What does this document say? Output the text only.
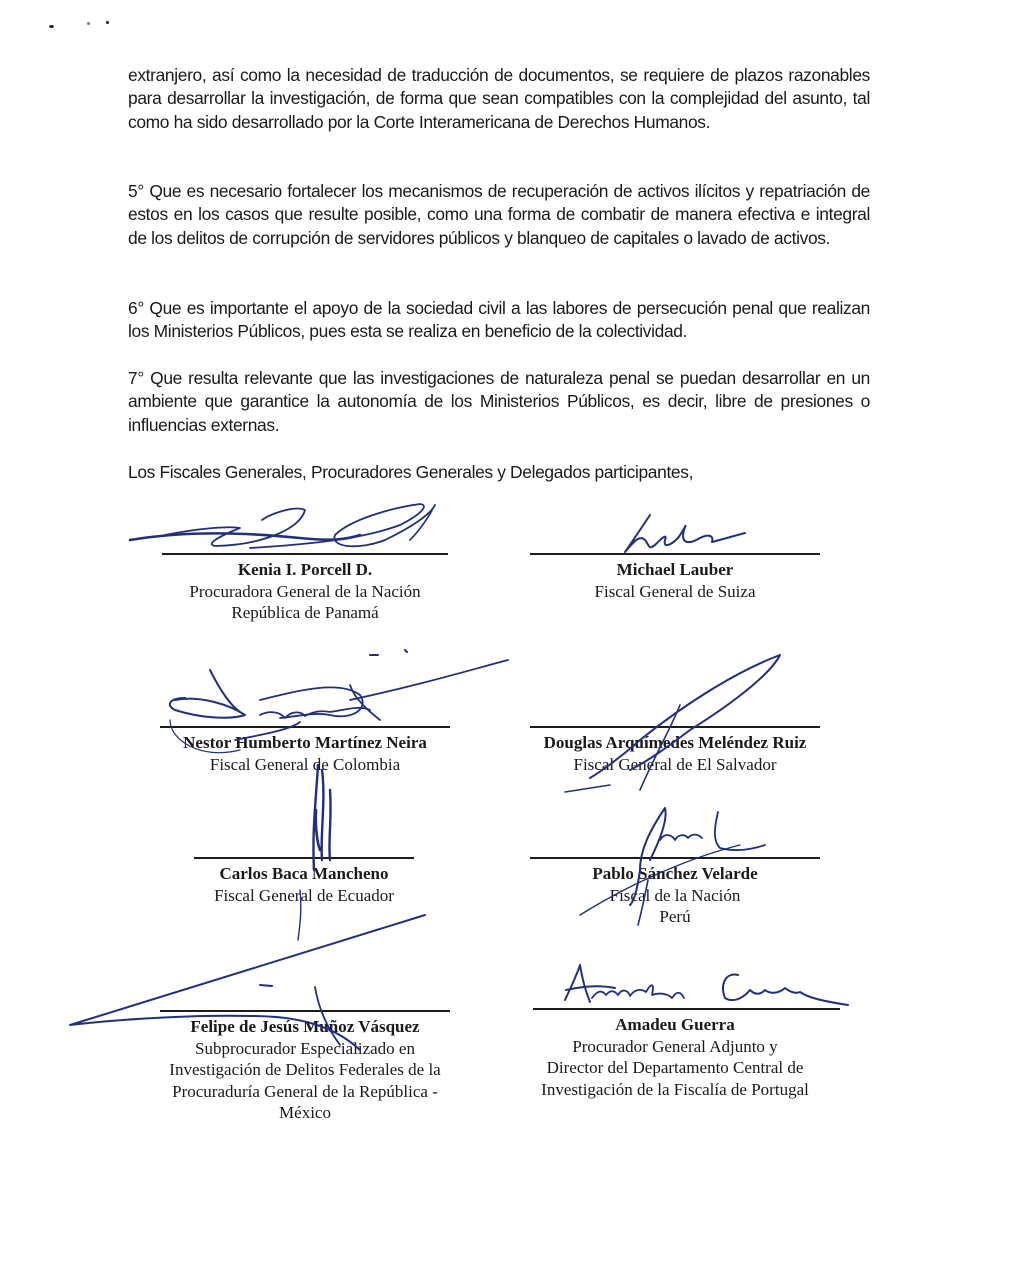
extranjero, así como la necesidad de traducción de documentos, se requiere de plazos razonables para desarrollar la investigación, de forma que sean compatibles con la complejidad del asunto, tal como ha sido desarrollado por la Corte Interamericana de Derechos Humanos.

5° Que es necesario fortalecer los mecanismos de recuperación de activos ilícitos y repatriación de estos en los casos que resulte posible, como una forma de combatir de manera efectiva e integral de los delitos de corrupción de servidores públicos y blanqueo de capitales o lavado de activos.

6° Que es importante el apoyo de la sociedad civil a las labores de persecución penal que realizan los Ministerios Públicos, pues esta se realiza en beneficio de la colectividad.

7° Que resulta relevante que las investigaciones de naturaleza penal se puedan desarrollar en un ambiente que garantice la autonomía de los Ministerios Públicos, es decir, libre de presiones o influencias externas.

Los Fiscales Generales, Procuradores Generales y Delegados participantes,

Kenia I. Porcell D.
Procuradora General de la Nación
República de Panamá
Michael Lauber
Fiscal General de Suiza
Nestor Humberto Martínez Neira
Fiscal General de Colombia
Douglas Arquímedes Meléndez Ruiz
Fiscal General de El Salvador
Carlos Baca Mancheno
Fiscal General de Ecuador
Pablo Sánchez Velarde
Fiscal de la Nación
Perú
Felipe de Jesús Muñoz Vásquez
Subprocurador Especializado en
Investigación de Delitos Federales de la
Procuraduría General de la República -
México
Amadeu Guerra
Procurador General Adjunto y
Director del Departamento Central de
Investigación de la Fiscalía de Portugal
